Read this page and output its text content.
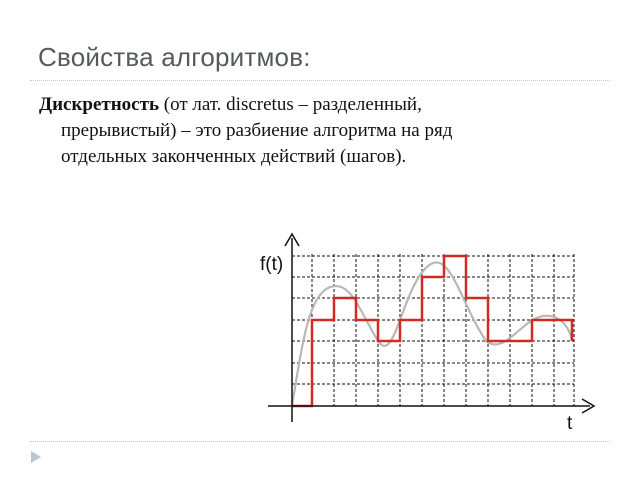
Свойства алгоритмов:
Дискретность (от лат. discretus – разделенный,
прерывистый) – это разбиение алгоритма на ряд
отдельных законченных действий (шагов).
f(t)
t
